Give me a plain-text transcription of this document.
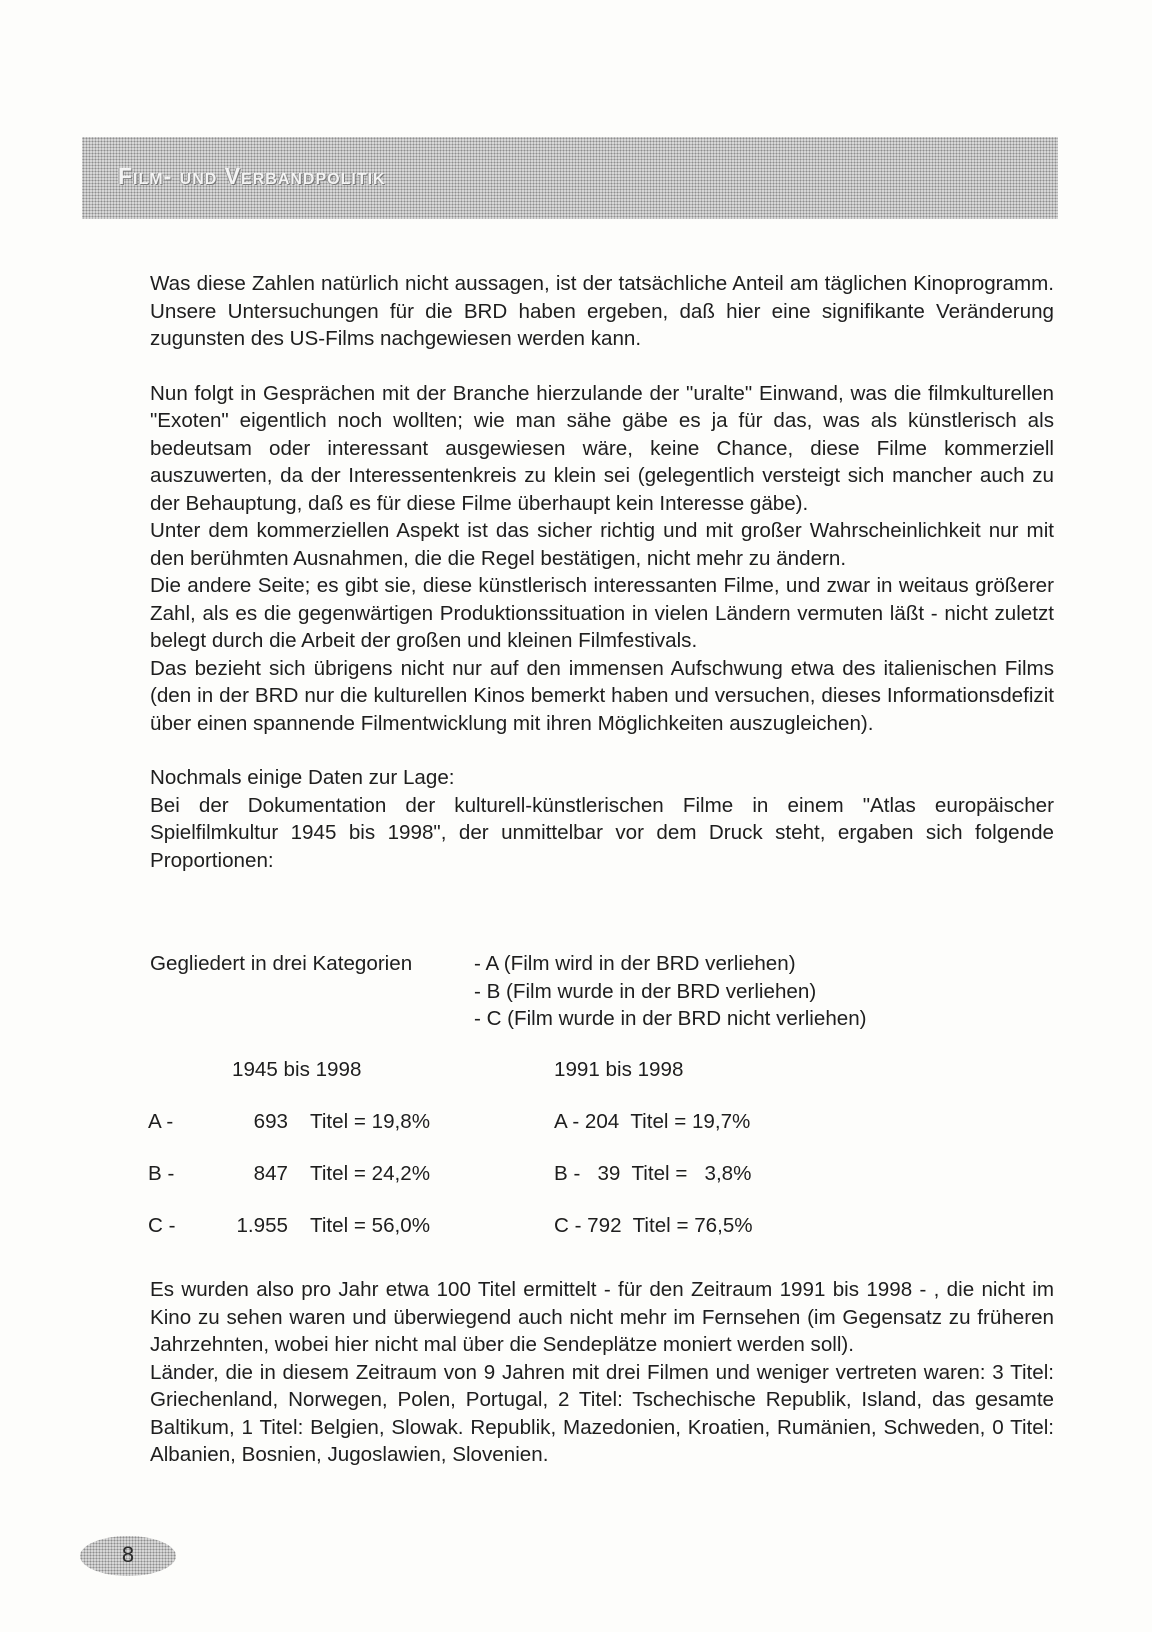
Film- und Verbandpolitik

Was diese Zahlen natürlich nicht aussagen, ist der tatsächliche Anteil am täglichen Kinoprogramm. Unsere Untersuchungen für die BRD haben ergeben, daß hier eine signifikante Veränderung zugunsten des US-Films nachgewiesen werden kann.

Nun folgt in Gesprächen mit der Branche hierzulande der "uralte" Einwand, was die filmkulturellen "Exoten" eigentlich noch wollten; wie man sähe gäbe es ja für das, was als künstlerisch als bedeutsam oder interessant ausgewiesen wäre, keine Chance, diese Filme kommerziell auszuwerten, da der Interessentenkreis zu klein sei (gelegentlich versteigt sich mancher auch zu der Behauptung, daß es für diese Filme überhaupt kein Interesse gäbe).

Unter dem kommerziellen Aspekt ist das sicher richtig und mit großer Wahrscheinlichkeit nur mit den berühmten Ausnahmen, die die Regel bestätigen, nicht mehr zu ändern.

Die andere Seite; es gibt sie, diese künstlerisch interessanten Filme, und zwar in weitaus größerer Zahl, als es die gegenwärtigen Produktionssituation in vielen Ländern vermuten läßt - nicht zuletzt belegt durch die Arbeit der großen und kleinen Filmfestivals.

Das bezieht sich übrigens nicht nur auf den immensen Aufschwung etwa des italienischen Films (den in der BRD nur die kulturellen Kinos bemerkt haben und versuchen, dieses Informationsdefizit über einen spannende Filmentwicklung mit ihren Möglichkeiten auszugleichen).

Nochmals einige Daten zur Lage:

Bei der Dokumentation der kulturell-künstlerischen Filme in einem "Atlas europäischer Spielfilmkultur 1945 bis 1998", der unmittelbar vor dem Druck steht, ergaben sich folgende Proportionen:

Gegliedert in drei Kategorien	- A (Film wird in der BRD verliehen)
- B (Film wurde in der BRD verliehen)
- C (Film wurde in der BRD nicht verliehen)
1945 bis 1998	1991 bis 1998
A -	693 Titel = 19,8%	A - 204  Titel = 19,7%
B -	847 Titel = 24,2%	B -   39  Titel =   3,8%
C -	1.955 Titel = 56,0%	C - 792  Titel = 76,5%

Es wurden also pro Jahr etwa 100 Titel ermittelt - für den Zeitraum 1991 bis 1998 - , die nicht im Kino zu sehen waren und überwiegend auch nicht mehr im Fernsehen (im Gegensatz zu früheren Jahrzehnten, wobei hier nicht mal über die Sendeplätze moniert werden soll).

Länder, die in diesem Zeitraum von 9 Jahren mit drei Filmen und weniger vertreten waren: 3 Titel: Griechenland, Norwegen, Polen, Portugal, 2 Titel: Tschechische Republik, Island, das gesamte Baltikum, 1 Titel: Belgien, Slowak. Republik, Mazedonien, Kroatien, Rumänien, Schweden, 0 Titel: Albanien, Bosnien, Jugoslawien, Slovenien.

8
